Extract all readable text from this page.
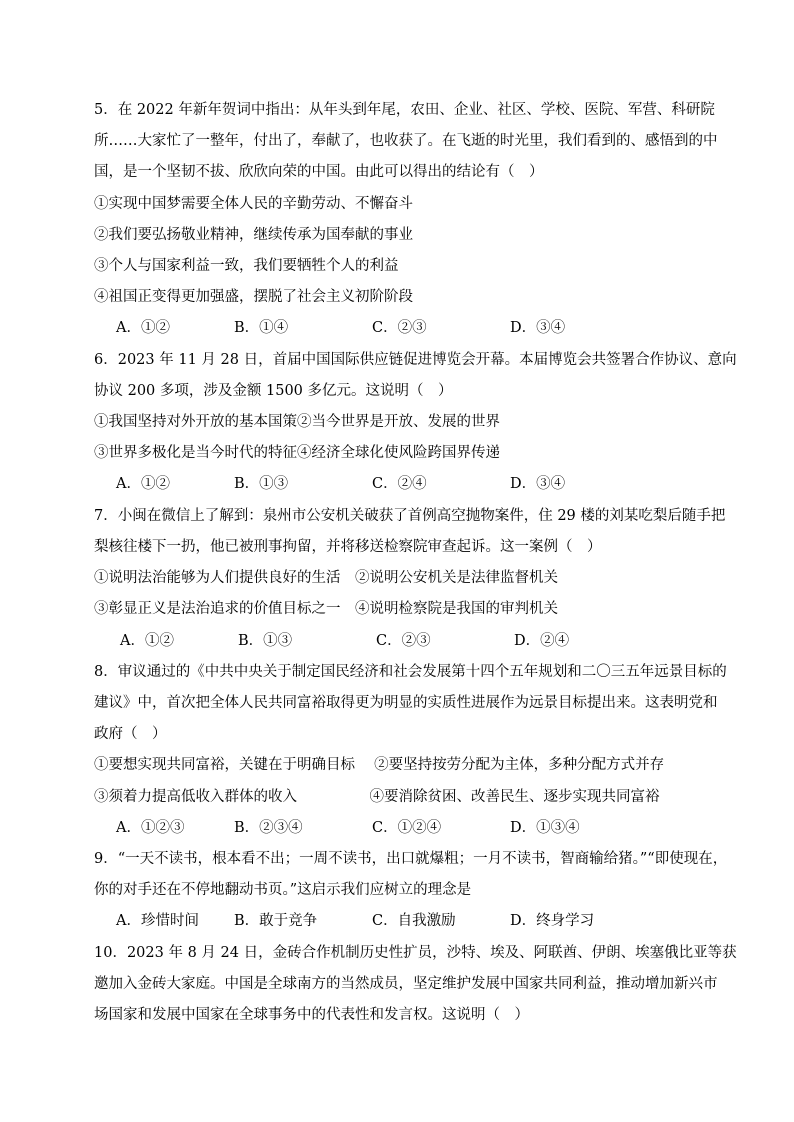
5．在 2022 年新年贺词中指出：从年头到年尾，农田、企业、社区、学校、医院、军营、科研院
所……大家忙了一整年，付出了，奉献了，也收获了。在飞逝的时光里，我们看到的、感悟到的中
国，是一个坚韧不拔、欣欣向荣的中国。由此可以得出的结论有（　）
①实现中国梦需要全体人民的辛勤劳动、不懈奋斗
②我们要弘扬敬业精神，继续传承为国奉献的事业
③个人与国家利益一致，我们要牺牲个人的利益
④祖国正变得更加强盛，摆脱了社会主义初阶阶段
A．①②	B．①④	C．②③	D．③④
6．2023 年 11 月 28 日，首届中国国际供应链促进博览会开幕。本届博览会共签署合作协议、意向
协议 200 多项，涉及金额 1500 多亿元。这说明（　）
①我国坚持对外开放的基本国策②当今世界是开放、发展的世界
③世界多极化是当今时代的特征④经济全球化使风险跨国界传递
A．①②	B．①③	C．②④	D．③④
7．小闽在微信上了解到：泉州市公安机关破获了首例高空抛物案件，住 29 楼的刘某吃梨后随手把
梨核往楼下一扔，他已被刑事拘留，并将移送检察院审查起诉。这一案例（　）
①说明法治能够为人们提供良好的生活　②说明公安机关是法律监督机关
③彰显正义是法治追求的价值目标之一　④说明检察院是我国的审判机关
A．①②	B．①③	C．②③	D．②④
8．审议通过的《中共中央关于制定国民经济和社会发展第十四个五年规划和二〇三五年远景目标的
建议》中，首次把全体人民共同富裕取得更为明显的实质性进展作为远景目标提出来。这表明党和
政府（　）
①要想实现共同富裕，关键在于明确目标　 ②要坚持按劳分配为主体，多种分配方式并存
③须着力提高低收入群体的收入　　　　　④要消除贫困、改善民生、逐步实现共同富裕
A．①②③	B．②③④	C．①②④	D．①③④
9．“一天不读书，根本看不出；一周不读书，出口就爆粗；一月不读书，智商输给猪。”“即使现在，
你的对手还在不停地翻动书页。”这启示我们应树立的理念是
A．珍惜时间 B．敢于竞争	C．自我激励	D．终身学习
10．2023 年 8 月 24 日，金砖合作机制历史性扩员，沙特、埃及、阿联酋、伊朗、埃塞俄比亚等获
邀加入金砖大家庭。中国是全球南方的当然成员，坚定维护发展中国家共同利益，推动增加新兴市
场国家和发展中国家在全球事务中的代表性和发言权。这说明（　）
